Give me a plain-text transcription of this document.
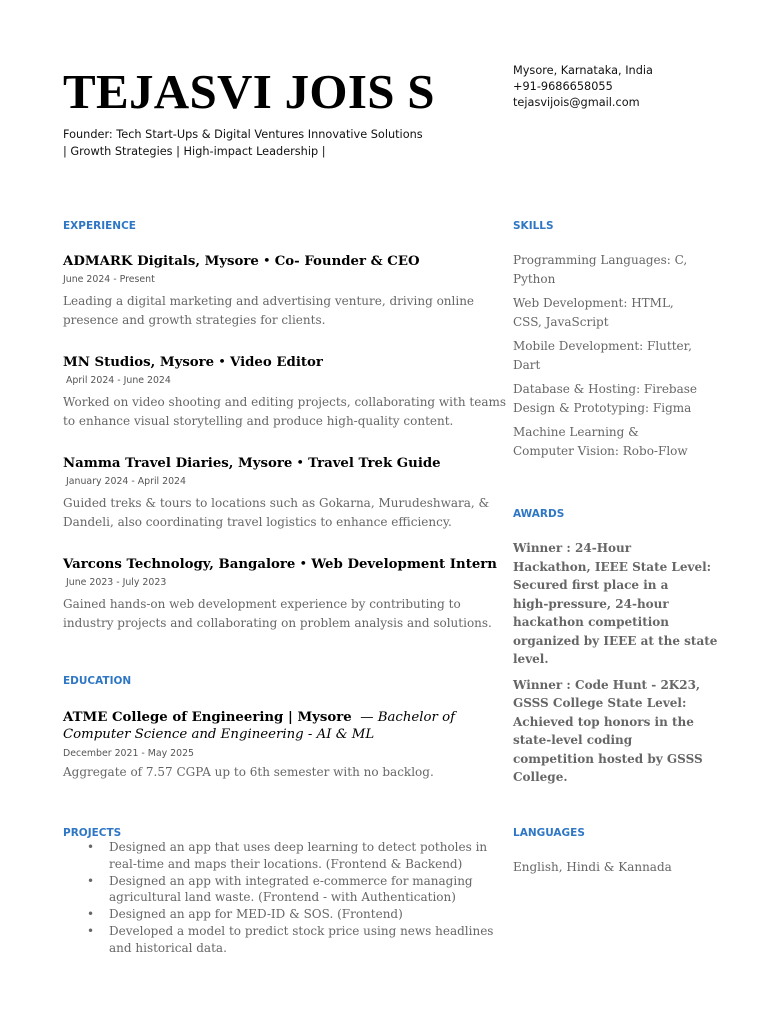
TEJASVI JOIS S
Founder: Tech Start-Ups & Digital Ventures Innovative Solutions
| Growth Strategies | High-impact Leadership |
Mysore, Karnataka, India
+91-9686658055
tejasvijois@gmail.com
EXPERIENCE
ADMARK Digitals, Mysore • Co- Founder & CEO
June 2024 - Present
Leading a digital marketing and advertising venture, driving online
presence and growth strategies for clients.
MN Studios, Mysore • Video Editor
April 2024 - June 2024
Worked on video shooting and editing projects, collaborating with teams
to enhance visual storytelling and produce high-quality content.
Namma Travel Diaries, Mysore • Travel Trek Guide
January 2024 - April 2024
Guided treks & tours to locations such as Gokarna, Murudeshwara, &
Dandeli, also coordinating travel logistics to enhance efficiency.
Varcons Technology, Bangalore • Web Development Intern
June 2023 - July 2023
Gained hands-on web development experience by contributing to
industry projects and collaborating on problem analysis and solutions.
EDUCATION
ATME College of Engineering | Mysore — Bachelor of
Computer Science and Engineering - AI & ML
December 2021 - May 2025
Aggregate of 7.57 CGPA up to 6th semester with no backlog.
PROJECTS
• Designed an app that uses deep learning to detect potholes in
real-time and maps their locations. (Frontend & Backend)
• Designed an app with integrated e-commerce for managing
agricultural land waste. (Frontend - with Authentication)
• Designed an app for MED-ID & SOS. (Frontend)
• Developed a model to predict stock price using news headlines
and historical data.
SKILLS
Programming Languages: C,
Python
Web Development: HTML,
CSS, JavaScript
Mobile Development: Flutter,
Dart
Database & Hosting: Firebase
Design & Prototyping: Figma
Machine Learning &
Computer Vision: Robo-Flow
AWARDS
Winner : 24-Hour
Hackathon, IEEE State Level:
Secured first place in a
high-pressure, 24-hour
hackathon competition
organized by IEEE at the state
level.
Winner : Code Hunt - 2K23,
GSSS College State Level:
Achieved top honors in the
state-level coding
competition hosted by GSSS
College.
LANGUAGES
English, Hindi & Kannada
